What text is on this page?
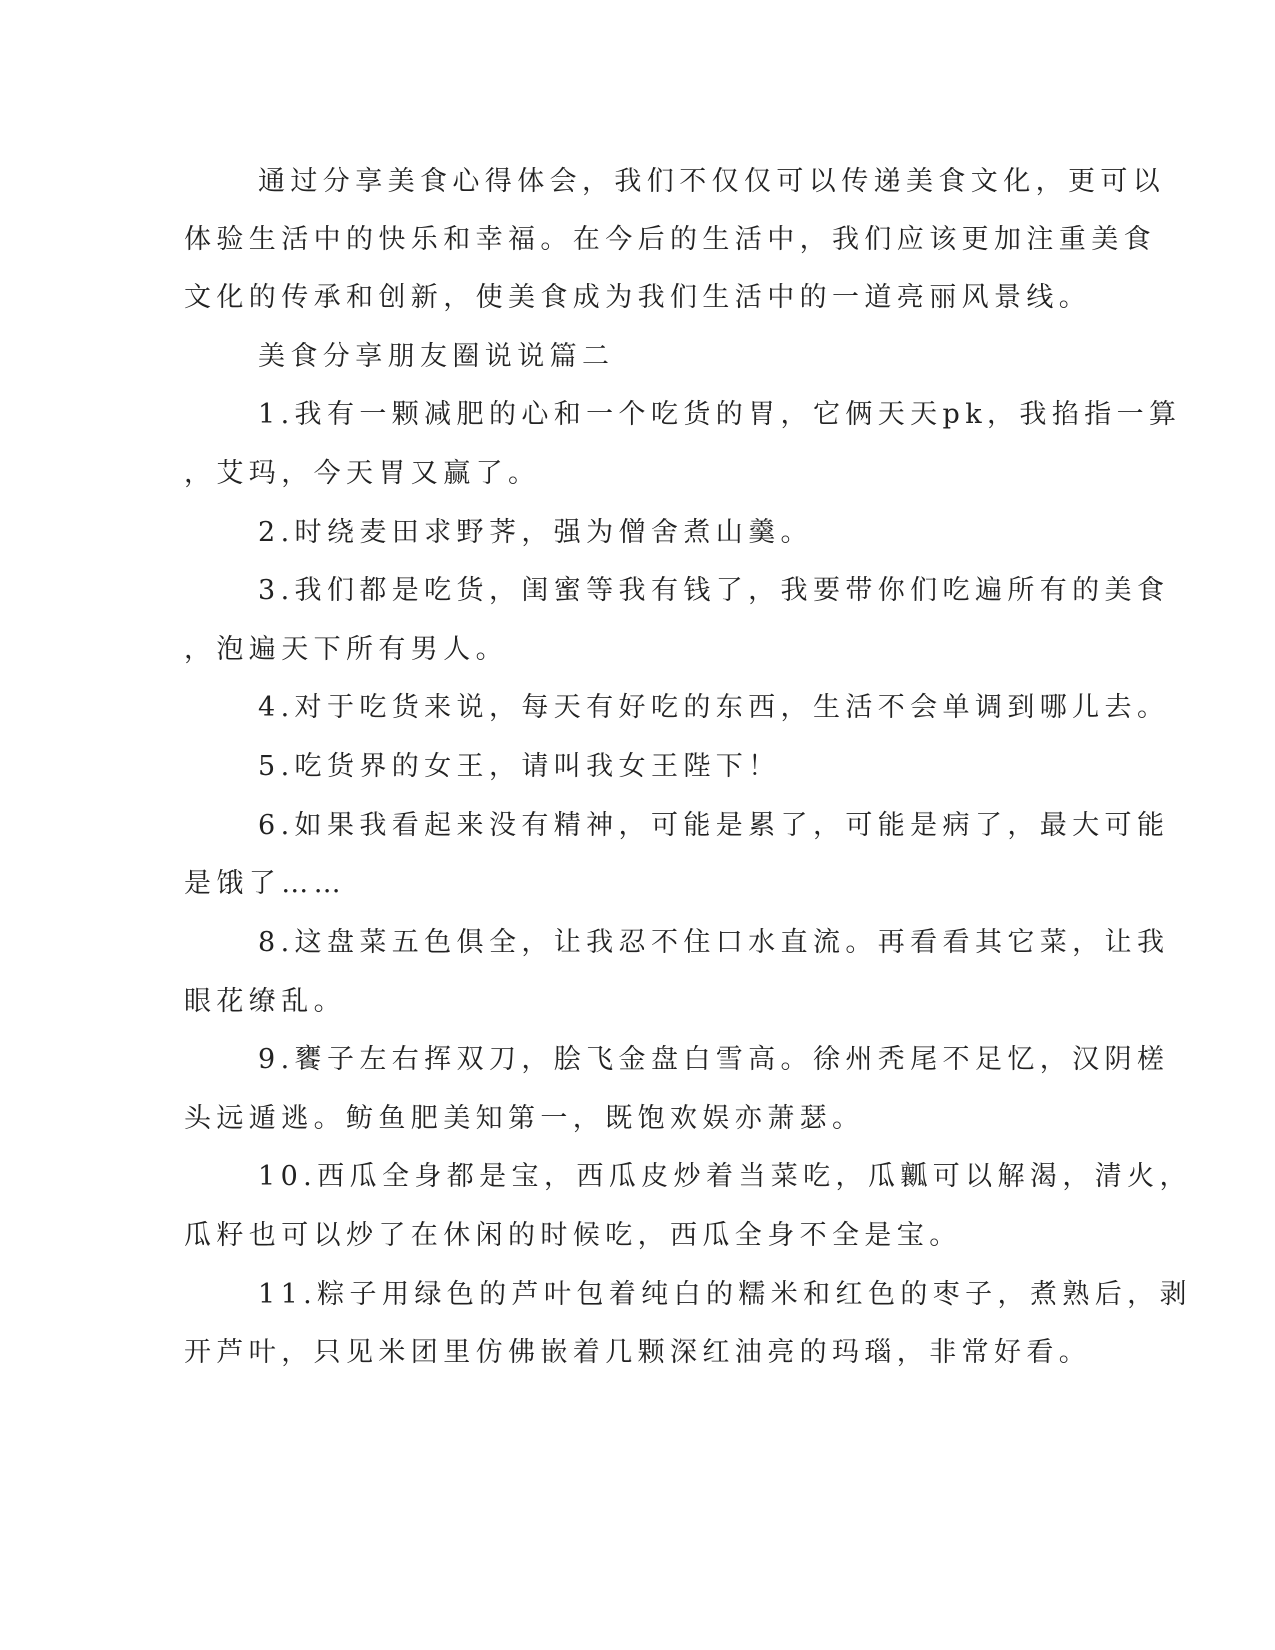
通过分享美食心得体会，我们不仅仅可以传递美食文化，更可以

体验生活中的快乐和幸福。在今后的生活中，我们应该更加注重美食

文化的传承和创新，使美食成为我们生活中的一道亮丽风景线。

美食分享朋友圈说说篇二

1.我有一颗减肥的心和一个吃货的胃，它俩天天pk，我掐指一算

，艾玛，今天胃又赢了。

2.时绕麦田求野荠，强为僧舍煮山羹。

3.我们都是吃货，闺蜜等我有钱了，我要带你们吃遍所有的美食

，泡遍天下所有男人。

4.对于吃货来说，每天有好吃的东西，生活不会单调到哪儿去。

5.吃货界的女王，请叫我女王陛下！

6.如果我看起来没有精神，可能是累了，可能是病了，最大可能

是饿了……

8.这盘菜五色俱全，让我忍不住口水直流。再看看其它菜，让我

眼花缭乱。

9.饔子左右挥双刀，脍飞金盘白雪高。徐州秃尾不足忆，汉阴槎

头远遁逃。鲂鱼肥美知第一，既饱欢娱亦萧瑟。

10.西瓜全身都是宝，西瓜皮炒着当菜吃，瓜瓤可以解渴，清火，

瓜籽也可以炒了在休闲的时候吃，西瓜全身不全是宝。

11.粽子用绿色的芦叶包着纯白的糯米和红色的枣子，煮熟后，剥

开芦叶，只见米团里仿佛嵌着几颗深红油亮的玛瑙，非常好看。
